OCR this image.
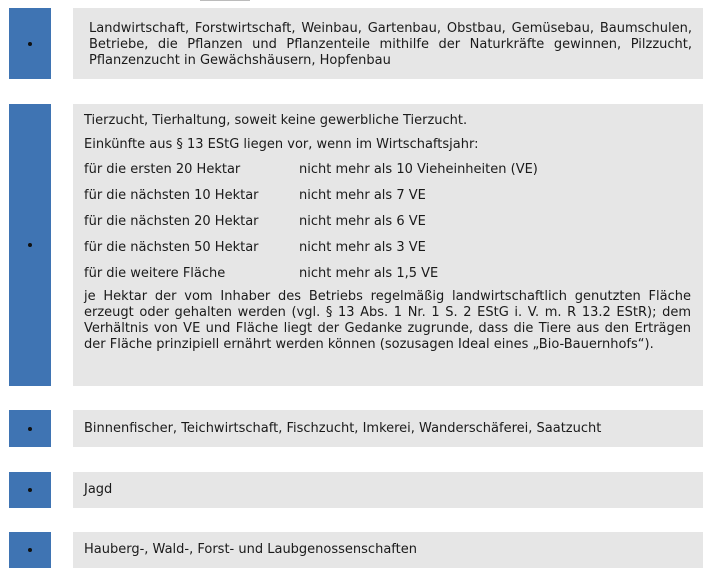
Landwirtschaft, Forstwirtschaft, Weinbau, Gartenbau, Obstbau, Gemüsebau, Baumschulen, Betriebe, die Pflanzen und Pflanzenteile mithilfe der Naturkräfte gewinnen, Pilzzucht, Pflanzenzucht in Gewächshäusern, Hopfenbau

Tierzucht, Tierhaltung, soweit keine gewerbliche Tierzucht.

Einkünfte aus § 13 EStG liegen vor, wenn im Wirtschaftsjahr:

für die ersten 20 Hektar	nicht mehr als 10 Vieheinheiten (VE)
für die nächsten 10 Hektar	nicht mehr als 7 VE
für die nächsten 20 Hektar	nicht mehr als 6 VE
für die nächsten 50 Hektar	nicht mehr als 3 VE
für die weitere Fläche	nicht mehr als 1,5 VE

je Hektar der vom Inhaber des Betriebs regelmäßig landwirtschaftlich genutzten Fläche erzeugt oder gehalten werden (vgl. § 13 Abs. 1 Nr. 1 S. 2 EStG i. V. m. R 13.2 EStR); dem Verhältnis von VE und Fläche liegt der Gedanke zugrunde, dass die Tiere aus den Erträgen der Fläche prinzipiell ernährt werden können (sozusagen Ideal eines „Bio-Bauernhofs“).

Binnenfischer, Teichwirtschaft, Fischzucht, Imkerei, Wanderschäferei, Saatzucht
Jagd
Hauberg-, Wald-, Forst- und Laubgenossenschaften
